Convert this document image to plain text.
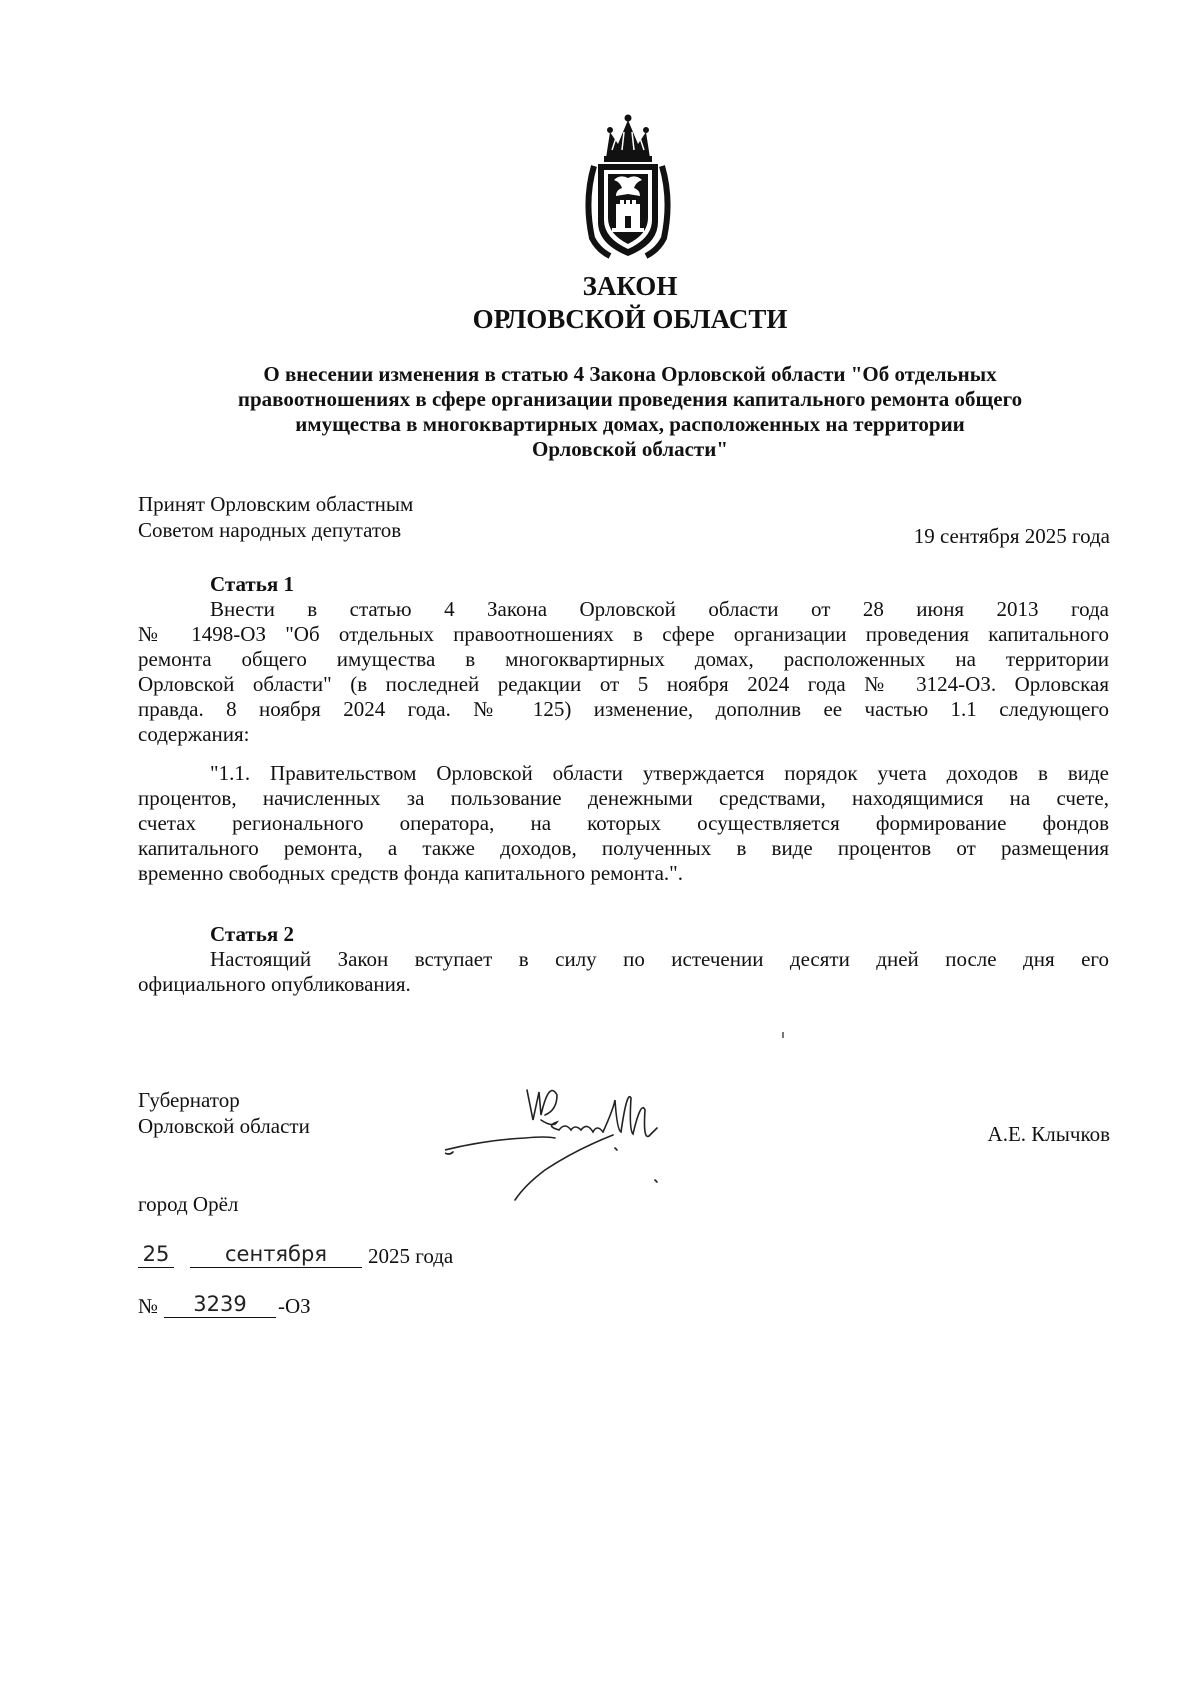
ЗАКОН
ОРЛОВСКОЙ ОБЛАСТИ
О внесении изменения в статью 4 Закона Орловской области "Об отдельных
правоотношениях в сфере организации проведения капитального ремонта общего
имущества в многоквартирных домах, расположенных на территории
Орловской области"
Принят Орловским областным
Советом народных депутатов	19 сентября 2025 года
Статья 1
Внести в статью 4 Закона Орловской области от 28 июня 2013 года
№ 1498-ОЗ "Об отдельных правоотношениях в сфере организации проведения капитального
ремонта общего имущества в многоквартирных домах, расположенных на территории
Орловской области" (в последней редакции от 5 ноября 2024 года № 3124-ОЗ. Орловская
правда. 8 ноября 2024 года. № 125) изменение, дополнив ее частью 1.1 следующего
содержания:
"1.1. Правительством Орловской области утверждается порядок учета доходов в виде
процентов, начисленных за пользование денежными средствами, находящимися на счете,
счетах регионального оператора, на которых осуществляется формирование фондов
капитального ремонта, а также доходов, полученных в виде процентов от размещения
временно свободных средств фонда капитального ремонта.".
Статья 2
Настоящий Закон вступает в силу по истечении десяти дней после дня его
официального опубликования.
Губернатор
Орловской области	А.Е. Клычков
город Орёл
25	сентября	2025 года
№	3239	-ОЗ
